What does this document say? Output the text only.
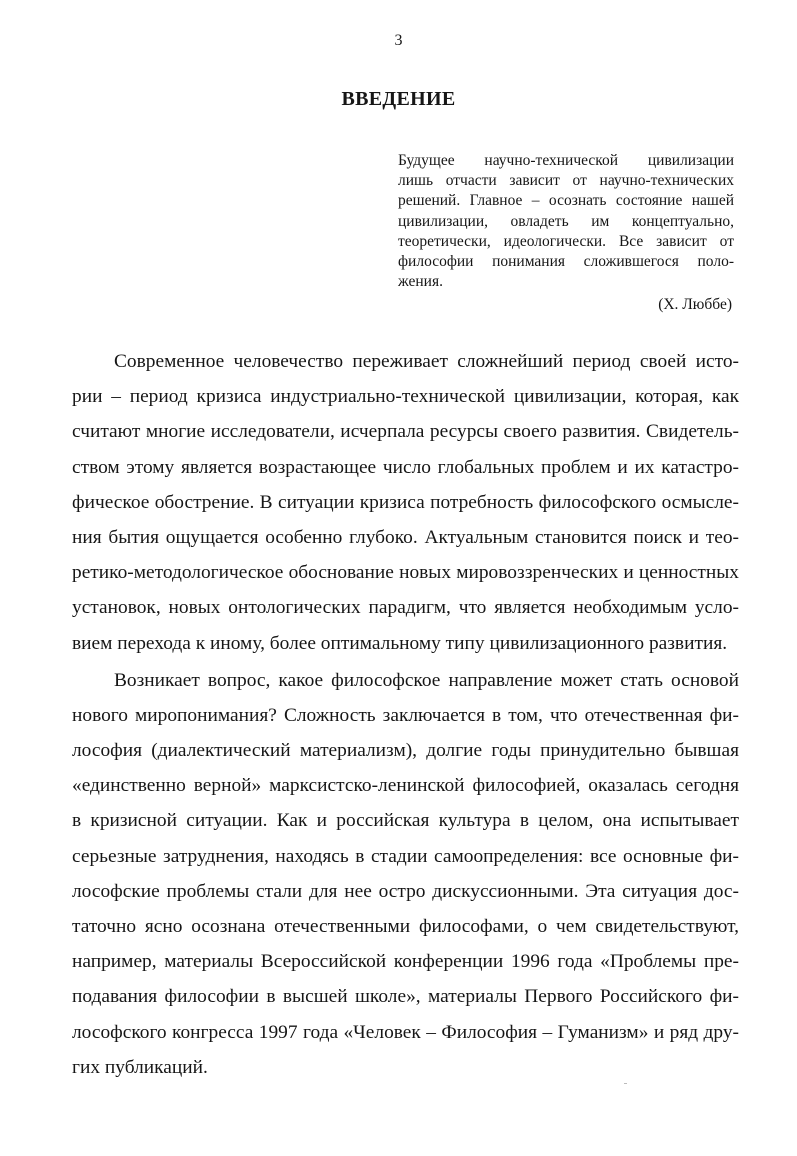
3
ВВЕДЕНИЕ
Будущее научно-технической цивилизации
лишь отчасти зависит от научно-технических
решений. Главное – осознать состояние нашей
цивилизации, овладеть им концептуально,
теоретически, идеологически. Все зависит от
философии понимания сложившегося поло-
жения.
(Х. Люббе)
Современное человечество переживает сложнейший период своей исто-
рии – период кризиса индустриально-технической цивилизации, которая, как
считают многие исследователи, исчерпала ресурсы своего развития. Свидетель-
ством этому является возрастающее число глобальных проблем и их катастро-
фическое обострение. В ситуации кризиса потребность философского осмысле-
ния бытия ощущается особенно глубоко. Актуальным становится поиск и тео-
ретико-методологическое обоснование новых мировоззренческих и ценностных
установок, новых онтологических парадигм, что является необходимым усло-
вием перехода к иному, более оптимальному типу цивилизационного развития.
Возникает вопрос, какое философское направление может стать основой
нового миропонимания? Сложность заключается в том, что отечественная фи-
лософия (диалектический материализм), долгие годы принудительно бывшая
«единственно верной» марксистско-ленинской философией, оказалась сегодня
в кризисной ситуации. Как и российская культура в целом, она испытывает
серьезные затруднения, находясь в стадии самоопределения: все основные фи-
лософские проблемы стали для нее остро дискуссионными. Эта ситуация дос-
таточно ясно осознана отечественными философами, о чем свидетельствуют,
например, материалы Всероссийской конференции 1996 года «Проблемы пре-
подавания философии в высшей школе», материалы Первого Российского фи-
лософского конгресса 1997 года «Человек – Философия – Гуманизм» и ряд дру-
гих публикаций.
